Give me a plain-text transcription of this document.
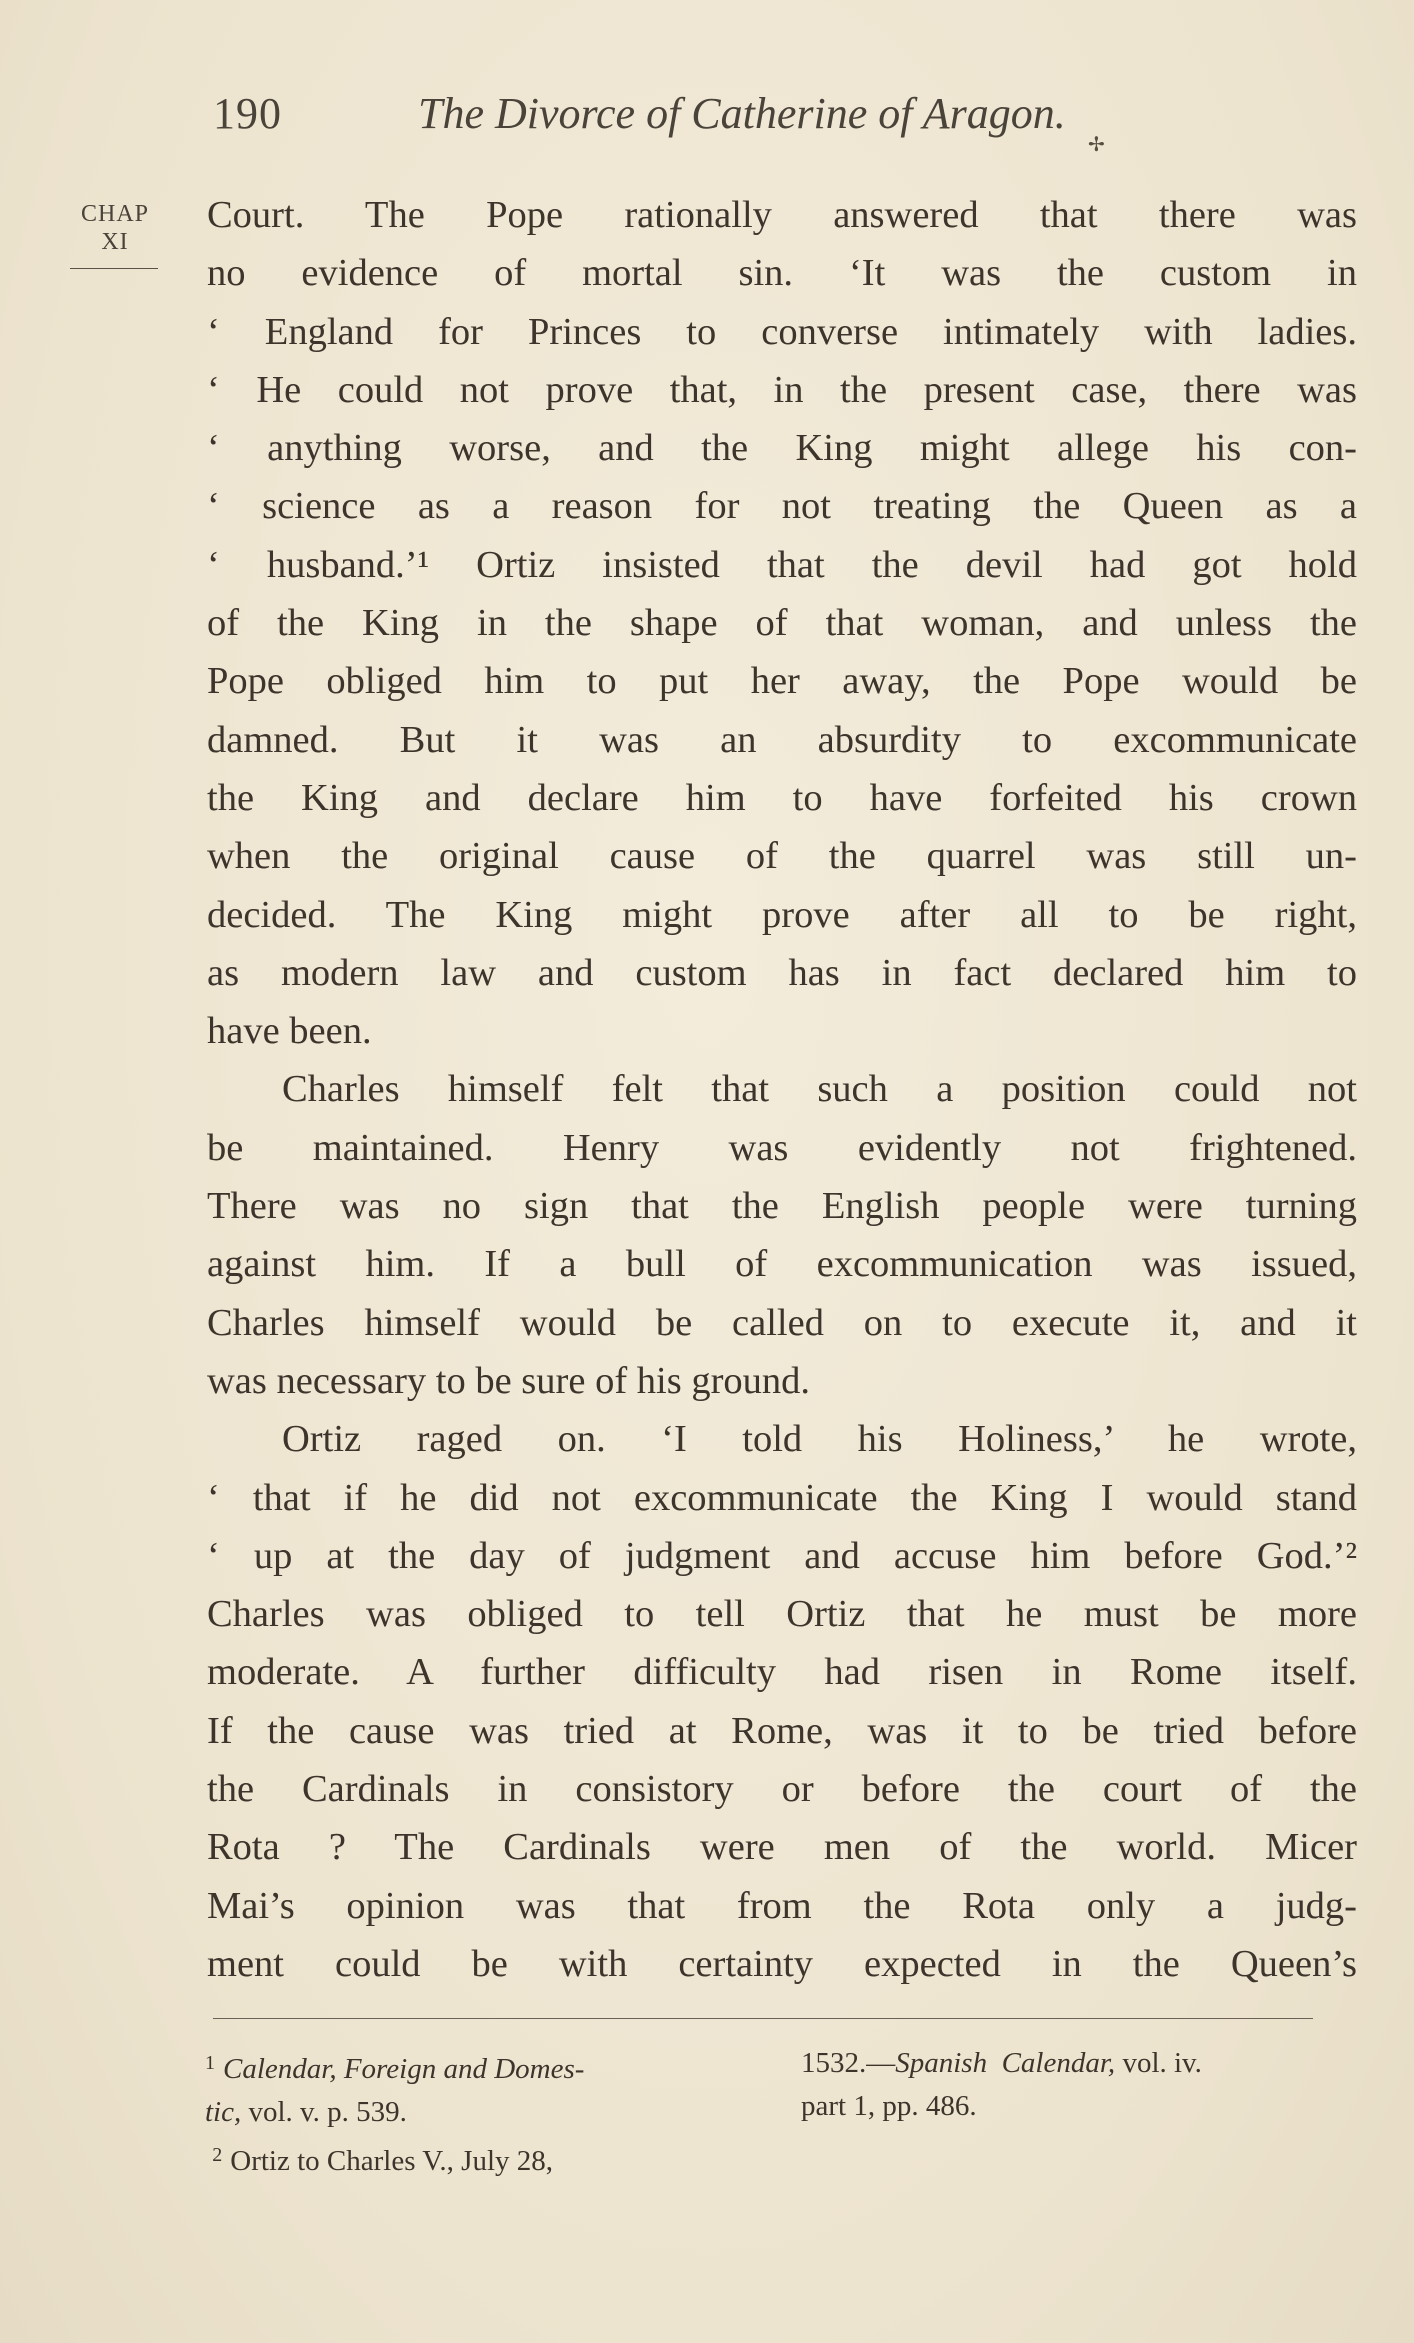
190	The Divorce of Catherine of Aragon.
✢
CHAP
XI
Court. The Pope rationally answered that there was
no evidence of mortal sin. ‘It was the custom in
‘ England for Princes to converse intimately with ladies.
‘ He could not prove that, in the present case, there was
‘ anything worse, and the King might allege his con-
‘ science as a reason for not treating the Queen as a
‘ husband.’¹ Ortiz insisted that the devil had got hold
of the King in the shape of that woman, and unless the
Pope obliged him to put her away, the Pope would be
damned. But it was an absurdity to excommunicate
the King and declare him to have forfeited his crown
when the original cause of the quarrel was still un-
decided. The King might prove after all to be right,
as modern law and custom has in fact declared him to
have been.
Charles himself felt that such a position could not
be maintained. Henry was evidently not frightened.
There was no sign that the English people were turning
against him. If a bull of excommunication was issued,
Charles himself would be called on to execute it, and it
was necessary to be sure of his ground.
Ortiz raged on. ‘I told his Holiness,’ he wrote,
‘ that if he did not excommunicate the King I would stand
‘ up at the day of judgment and accuse him before God.’²
Charles was obliged to tell Ortiz that he must be more
moderate. A further difficulty had risen in Rome itself.
If the cause was tried at Rome, was it to be tried before
the Cardinals in consistory or before the court of the
Rota ? The Cardinals were men of the world. Micer
Mai’s opinion was that from the Rota only a judg-
ment could be with certainty expected in the Queen’s
$^1$ Calendar, Foreign and Domes-
tic, vol. v. p. 539.
$^2$ Ortiz to Charles V., July 28,
1532.—Spanish Calendar, vol. iv.
part 1, pp. 486.
